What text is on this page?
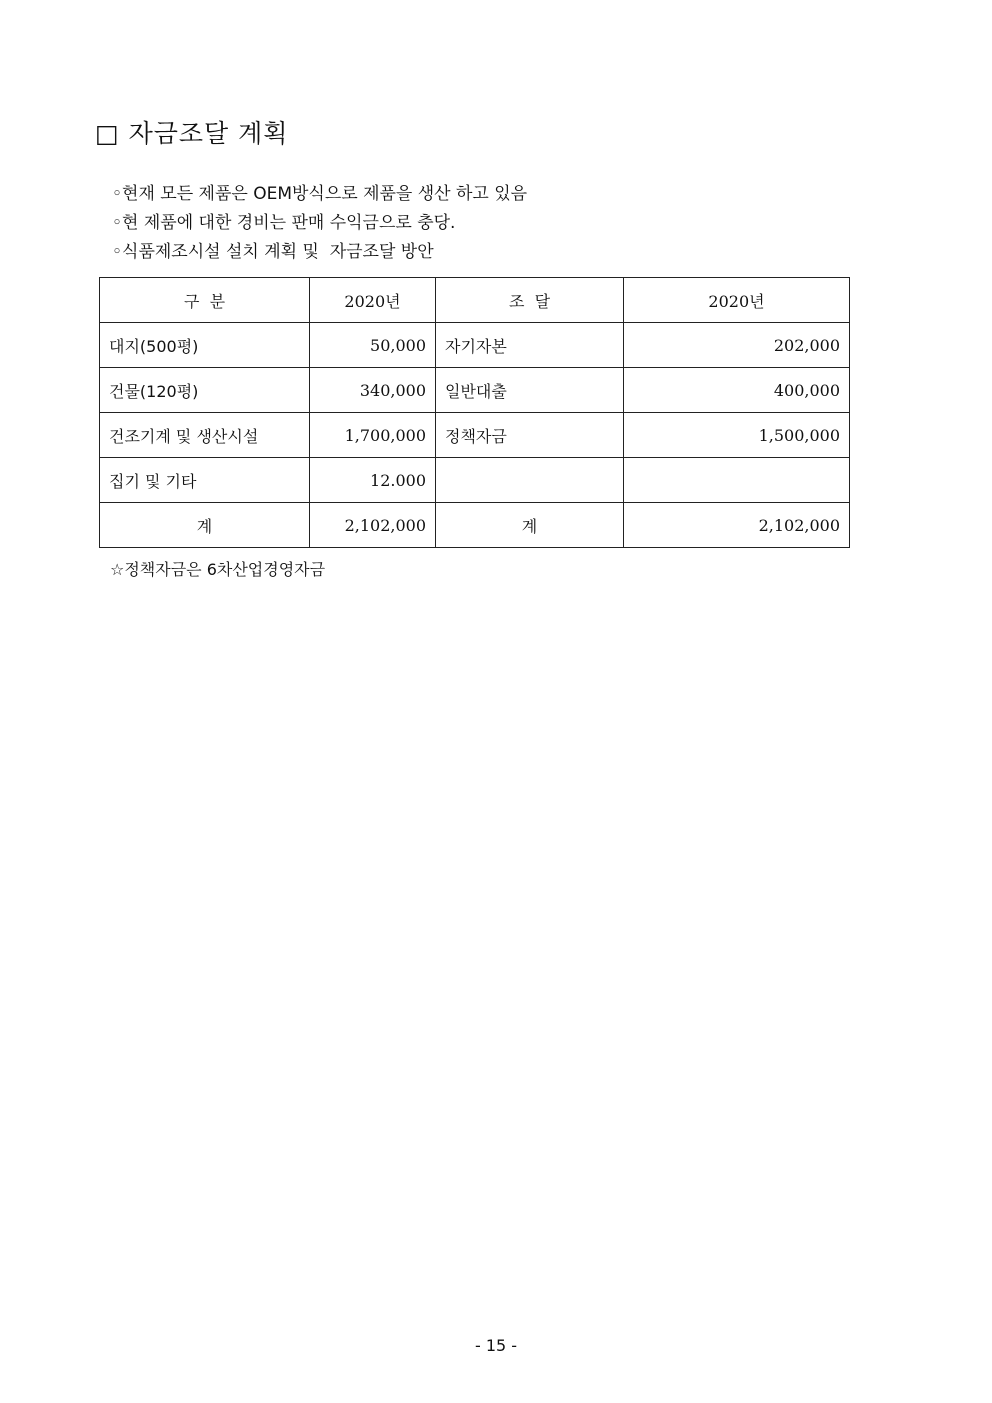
□ 자금조달 계획
◦현재 모든 제품은 OEM방식으로 제품을 생산 하고 있음
◦현 제품에 대한 경비는 판매 수익금으로 충당.
◦식품제조시설 설치 계획 및  자금조달 방안
구  분	2020년	조  달	2020년
대지(500평)	50,000	자기자본	202,000
건물(120평)	340,000	일반대출	400,000
건조기계 및 생산시설	1,700,000	정책자금	1,500,000
집기 및 기타	12.000		
계	2,102,000	계	2,102,000
☆정책자금은 6차산업경영자금
- 15 -
